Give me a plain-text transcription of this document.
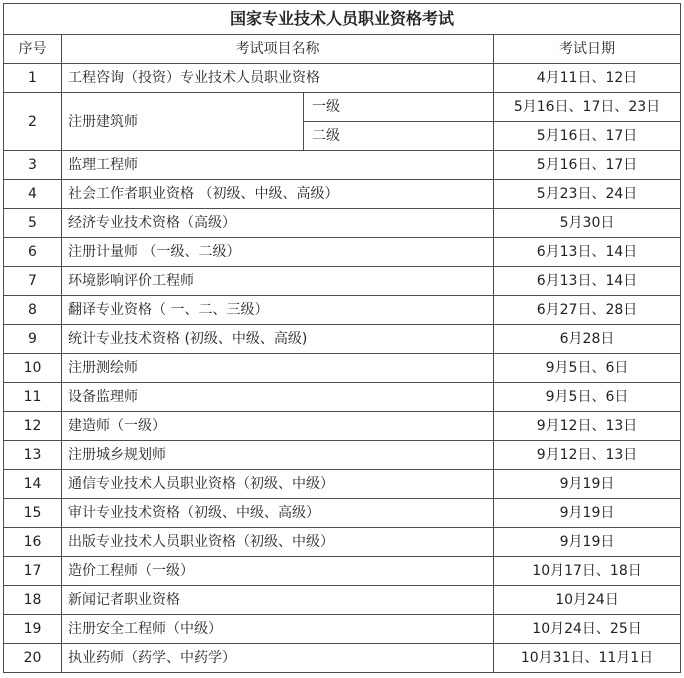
国家专业技术人员职业资格考试			
序号	考试项目名称		考试日期
1	工程咨询（投资）专业技术人员职业资格		4月11日、12日
2	注册建筑师	一级	5月16日、17日、23日
		二级	5月16日、17日
3	监理工程师		5月16日、17日
4	社会工作者职业资格 （初级、中级、高级）		5月23日、24日
5	经济专业技术资格（高级）		5月30日
6	注册计量师 （一级、二级）		6月13日、14日
7	环境影响评价工程师		6月13日、14日
8	翻译专业资格（ 一、二、三级）		6月27日、28日
9	统计专业技术资格 (初级、中级、高级)		6月28日
10	注册测绘师		9月5日、6日
11	设备监理师		9月5日、6日
12	建造师（一级）		9月12日、13日
13	注册城乡规划师		9月12日、13日
14	通信专业技术人员职业资格（初级、中级）		9月19日
15	审计专业技术资格（初级、中级、高级）		9月19日
16	出版专业技术人员职业资格（初级、中级）		9月19日
17	造价工程师（一级）		10月17日、18日
18	新闻记者职业资格		10月24日
19	注册安全工程师（中级）		10月24日、25日
20	执业药师（药学、中药学）		10月31日、11月1日
